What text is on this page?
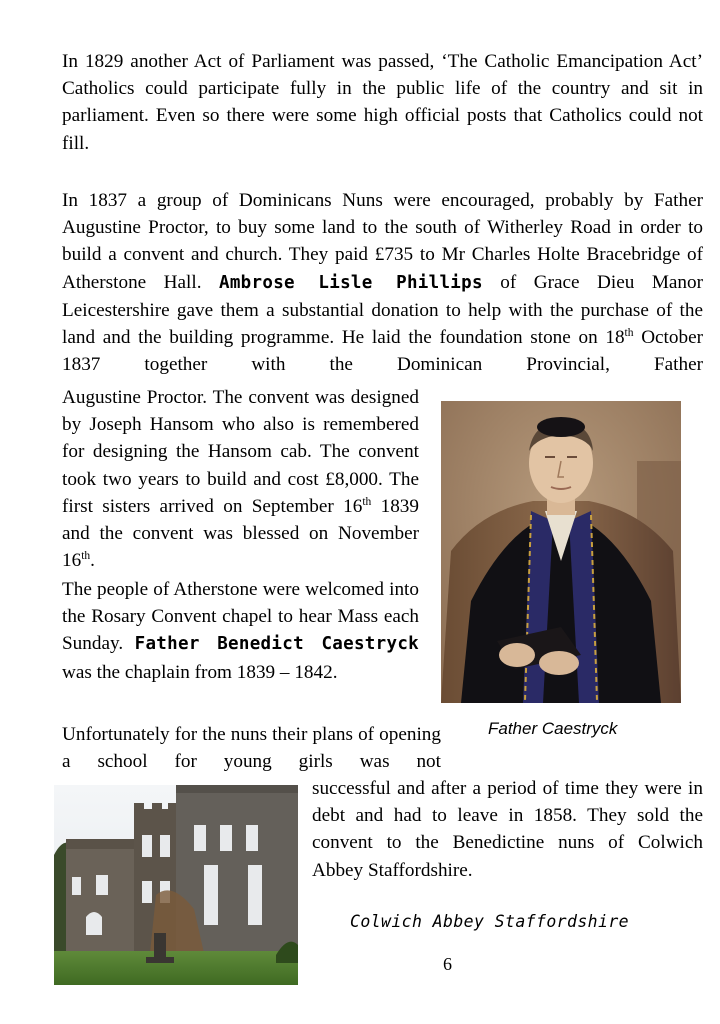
In 1829 another Act of Parliament was passed, ‘The Catholic Emancipation Act’ Catholics could participate fully in the public life of the country and sit in parliament. Even so there were some high official posts that Catholics could not fill.

In 1837 a group of Dominicans Nuns were encouraged, probably by Father Augustine Proctor, to buy some land to the south of Witherley Road in order to build a convent and church. They paid £735 to Mr Charles Holte Bracebridge of Atherstone Hall. Ambrose Lisle Phillips of Grace Dieu Manor Leicestershire gave them a substantial donation to help with the purchase of the land and the building programme. He laid the foundation stone on 18th October 1837 together with the Dominican Provincial, Father

Augustine Proctor. The convent was designed by Joseph Hansom who also is remembered for designing the Hansom cab. The convent took two years to build and cost £8,000. The first sisters arrived on September 16th 1839 and the convent was blessed on November 16th.

The people of Atherstone were welcomed into the Rosary Convent chapel to hear Mass each Sunday. Father Benedict Caestryck was the chaplain from 1839 – 1842.

Unfortunately for the nuns their plans of opening a school for young girls was not

successful and after a period of time they were in debt and had to leave in 1858. They sold the convent to the Benedictine nuns of Colwich Abbey Staffordshire.

Father Caestryck

Colwich Abbey Staffordshire

6
